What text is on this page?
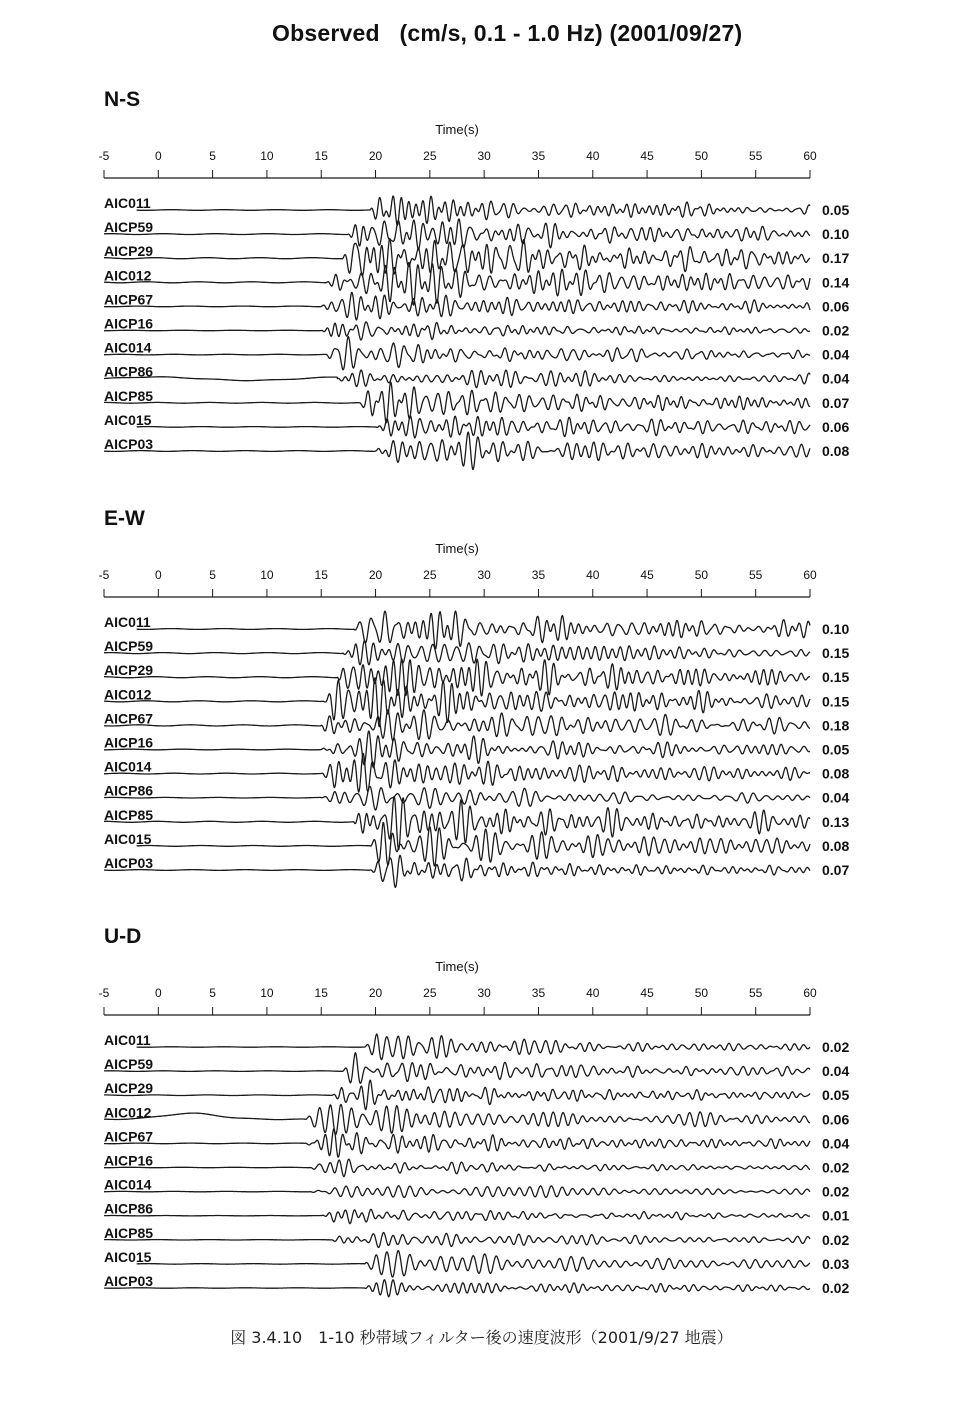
Observed   (cm/s, 0.1 - 1.0 Hz) (2001/09/27)
N-S
Time(s)
-5	0	5	10	15	20	25	30	35	40	45	50	55	60
AIC011	0.05
AICP59	0.10
AICP29	0.17
AIC012	0.14
AICP67	0.06
AICP16	0.02
AIC014	0.04
AICP86	0.04
AICP85	0.07
AIC015	0.06
AICP03	0.08
E-W
Time(s)
-5	0	5	10	15	20	25	30	35	40	45	50	55	60
AIC011	0.10
AICP59	0.15
AICP29	0.15
AIC012	0.15
AICP67	0.18
AICP16	0.05
AIC014	0.08
AICP86	0.04
AICP85	0.13
AIC015	0.08
AICP03	0.07
U-D
Time(s)
-5	0	5	10	15	20	25	30	35	40	45	50	55	60
AIC011	0.02
AICP59	0.04
AICP29	0.05
AIC012	0.06
AICP67	0.04
AICP16	0.02
AIC014	0.02
AICP86	0.01
AICP85	0.02
AIC015	0.03
AICP03	0.02
図 3.4.10　1-10 秒帯域フィルター後の速度波形（2001/9/27 地震）
